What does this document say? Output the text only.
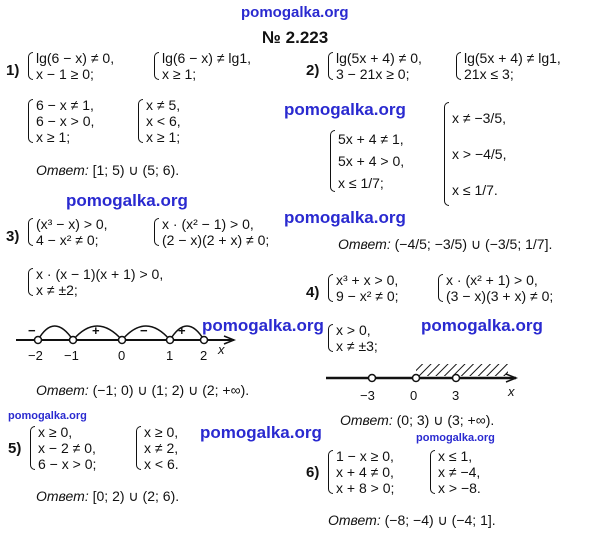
pomogalka.org
pomogalka.org
pomogalka.org
pomogalka.org
pomogalka.org	pomogalka.org
pomogalka.org
pomogalka.org	pomogalka.org
№ 2.223
1)
lg(6 − x) ≠ 0,
x − 1 ≥ 0;
lg(6 − x) ≠ lg1,
x ≥ 1;
6 − x ≠ 1,
6 − x > 0,
x ≥ 1;
x ≠ 5,
x < 6,
x ≥ 1;
Ответ: [1; 5) ∪ (5; 6).
2)
lg(5x + 4) ≠ 0,
3 − 21x ≥ 0;
lg(5x + 4) ≠ lg1,
21x ≤ 3;
5x + 4 ≠ 1,
5x + 4 > 0,
x ≤ 1/7;
x ≠ −3/5,
x > −4/5,
x ≤ 1/7.
Ответ: (−4/5; −3/5) ∪ (−3/5; 1/7].
3)
(x³ − x) > 0,
4 − x² ≠ 0;
x · (x² − 1) > 0,
(2 − x)(2 + x) ≠ 0;
x · (x − 1)(x + 1) > 0,
x ≠ ±2;
−	+	− +
−2 −1	0	1 2 x
Ответ: (−1; 0) ∪ (1; 2) ∪ (2; +∞).
4)
x³ + x > 0,
9 − x² ≠ 0;
x · (x² + 1) > 0,
(3 − x)(3 + x) ≠ 0;
x > 0,
x ≠ ±3;
−3	0	3	x
Ответ: (0; 3) ∪ (3; +∞).
5)
x ≥ 0,
x − 2 ≠ 0,
6 − x > 0;
x ≥ 0,
x ≠ 2,
x < 6.
Ответ: [0; 2) ∪ (2; 6).
6)
1 − x ≥ 0,
x + 4 ≠ 0,
x + 8 > 0;
x ≤ 1,
x ≠ −4,
x > −8.
Ответ: (−8; −4) ∪ (−4; 1].
